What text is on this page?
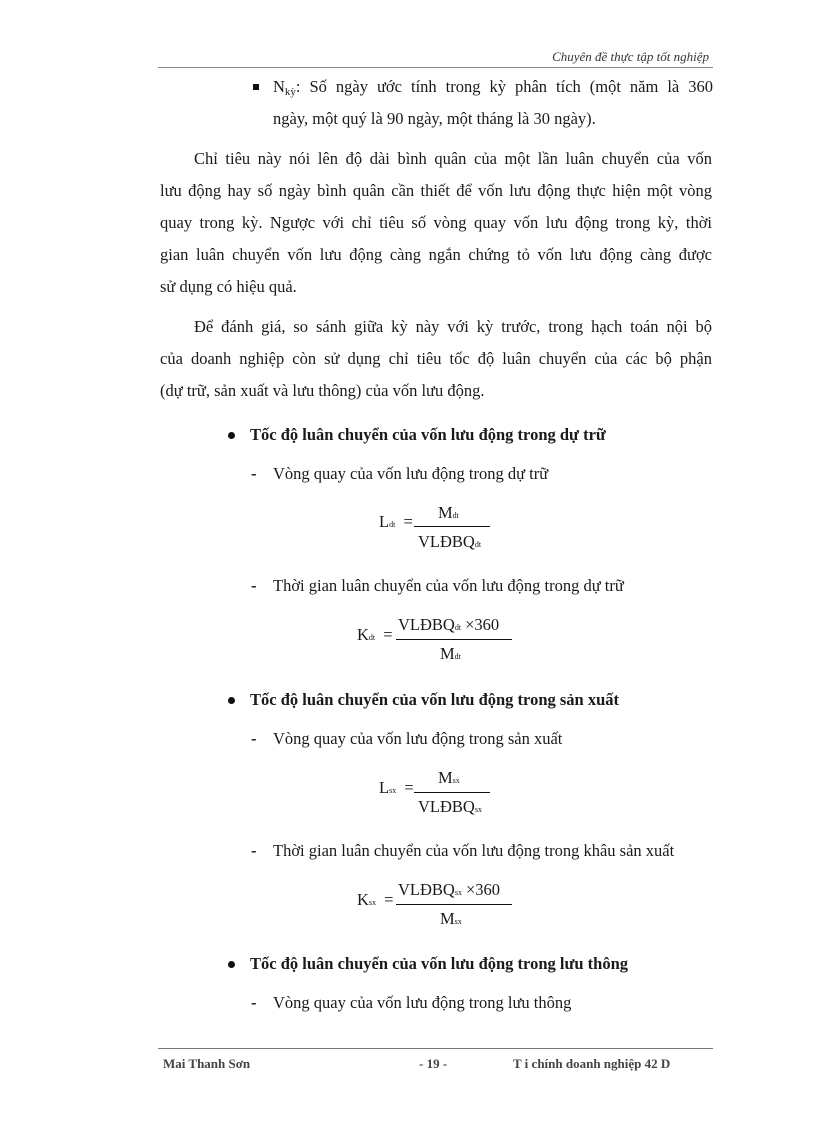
Chuyên đề thực tập tốt nghiệp
$N_{kỳ}$: Số ngày ước tính trong kỳ phân tích (một năm là 360
ngày, một quý là 90 ngày, một tháng là 30 ngày).
Chỉ tiêu này nói lên độ dài bình quân của một lần luân chuyển của vốn
lưu động hay số ngày bình quân cần thiết để vốn lưu động thực hiện một vòng
quay trong kỳ. Ngược với chỉ tiêu số vòng quay vốn lưu động trong kỳ, thời
gian luân chuyển vốn lưu động càng ngắn chứng tỏ vốn lưu động càng được
sử dụng có hiệu quả.
Để đánh giá, so sánh giữa kỳ này với kỳ trước, trong hạch toán nội bộ
của doanh nghiệp còn sử dụng chỉ tiêu tốc độ luân chuyển của các bộ phận
(dự trữ, sản xuất và lưu thông) của vốn lưu động.
Tốc độ luân chuyển của vốn lưu động trong dự trữ
- Vòng quay của vốn lưu động trong dự trữ
Ldt = Mdt
VLĐBQdt
- Thời gian luân chuyển của vốn lưu động trong dự trữ
Kdt =
VLĐBQdt ×360
Mdt
Tốc độ luân chuyển của vốn lưu động trong sản xuất
- Vòng quay của vốn lưu động trong sản xuất
Lsx =
Msx
VLĐBQsx
- Thời gian luân chuyển của vốn lưu động trong khâu sản xuất
Ksx =
VLĐBQsx ×360
Msx
Tốc độ luân chuyển của vốn lưu động trong lưu thông
- Vòng quay của vốn lưu động trong lưu thông
Mai Thanh Sơn	- 19 -	T i chính doanh nghiệp 42 D
